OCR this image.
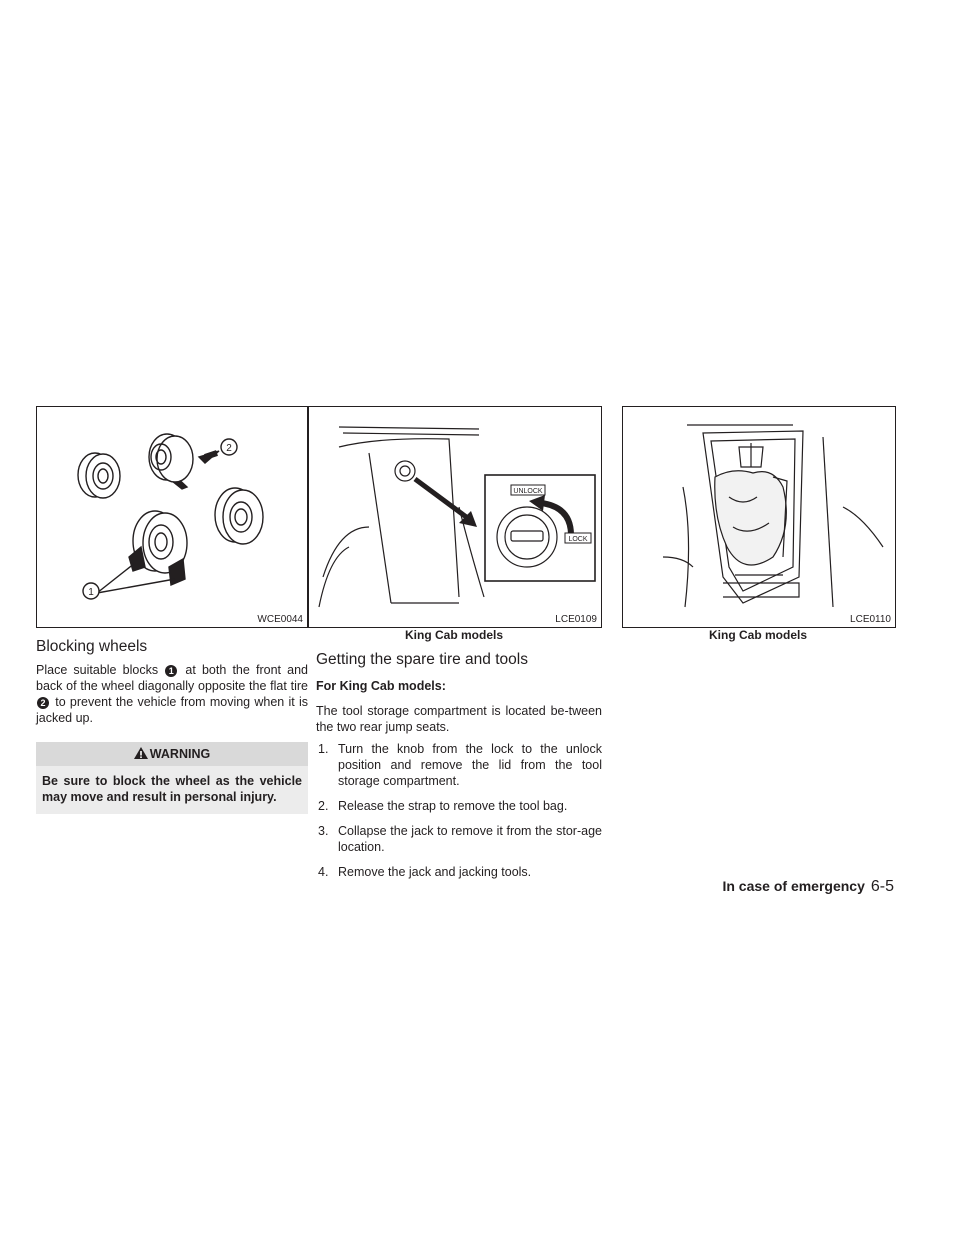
1
2
WCE0044
UNLOCK
LOCK
LCE0109	LCE0110
King Cab models	King Cab models
Blocking wheels

Place suitable blocks 1 at both the front and back of the wheel diagonally opposite the flat tire 2 to prevent the vehicle from moving when it is jacked up.

WARNING
Be sure to block the wheel as the vehicle may move and result in personal injury.
Getting the spare tire and tools
For King Cab models:

The tool storage compartment is located be-tween the two rear jump seats.

1. Turn the knob from the lock to the unlock position and remove the lid from the tool storage compartment.
2. Release the strap to remove the tool bag.
3. Collapse the jack to remove it from the stor-age location.
4. Remove the jack and jacking tools.
In case of emergency 6-5
